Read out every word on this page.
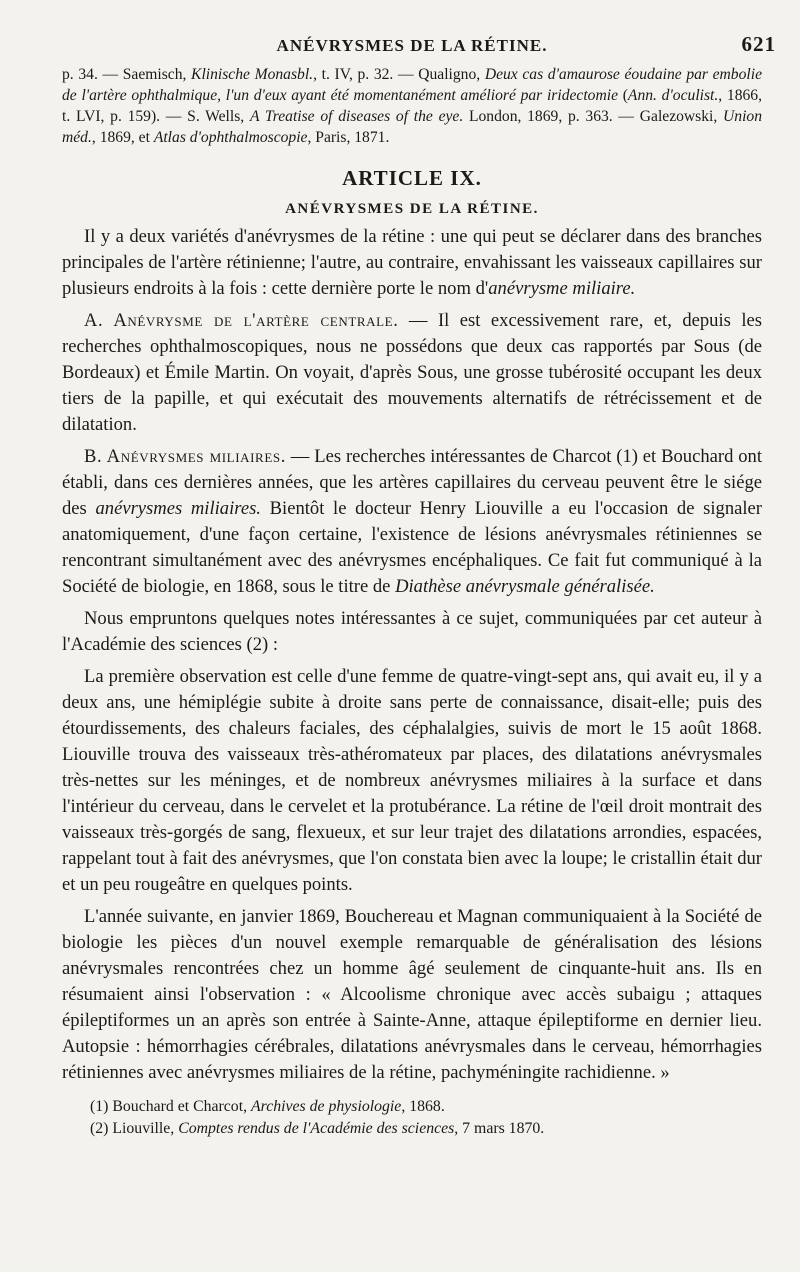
ANÉVRYSMES DE LA RÉTINE.	621
p. 34. — Saemisch, Klinische Monasbl., t. IV, p. 32. — Qualigno, Deux cas d'amaurose éoudaine par embolie de l'artère ophthalmique, l'un d'eux ayant été momentanément amélioré par iridectomie (Ann. d'oculist., 1866, t. LVI, p. 159). — S. Wells, A Treatise of diseases of the eye. London, 1869, p. 363. — Galezowski, Union méd., 1869, et Atlas d'ophthalmoscopie, Paris, 1871.
ARTICLE IX.
ANÉVRYSMES DE LA RÉTINE.

Il y a deux variétés d'anévrysmes de la rétine : une qui peut se déclarer dans des branches principales de l'artère rétinienne; l'autre, au contraire, envahissant les vaisseaux capillaires sur plusieurs endroits à la fois : cette dernière porte le nom d'anévrysme miliaire.

A. Anévrysme de l'artère centrale. — Il est excessivement rare, et, depuis les recherches ophthalmoscopiques, nous ne possédons que deux cas rapportés par Sous (de Bordeaux) et Émile Martin. On voyait, d'après Sous, une grosse tubérosité occupant les deux tiers de la papille, et qui exécutait des mouvements alternatifs de rétrécissement et de dilatation.

B. Anévrysmes miliaires. — Les recherches intéressantes de Charcot (1) et Bouchard ont établi, dans ces dernières années, que les artères capillaires du cerveau peuvent être le siége des anévrysmes miliaires. Bientôt le docteur Henry Liouville a eu l'occasion de signaler anatomiquement, d'une façon certaine, l'existence de lésions anévrysmales rétiniennes se rencontrant simultanément avec des anévrysmes encéphaliques. Ce fait fut communiqué à la Société de biologie, en 1868, sous le titre de Diathèse anévrysmale généralisée.

Nous empruntons quelques notes intéressantes à ce sujet, communiquées par cet auteur à l'Académie des sciences (2) :

La première observation est celle d'une femme de quatre-vingt-sept ans, qui avait eu, il y a deux ans, une hémiplégie subite à droite sans perte de connaissance, disait-elle; puis des étourdissements, des chaleurs faciales, des céphalalgies, suivis de mort le 15 août 1868. Liouville trouva des vaisseaux très-athéromateux par places, des dilatations anévrysmales très-nettes sur les méninges, et de nombreux anévrysmes miliaires à la surface et dans l'intérieur du cerveau, dans le cervelet et la protubérance. La rétine de l'œil droit montrait des vaisseaux très-gorgés de sang, flexueux, et sur leur trajet des dilatations arrondies, espacées, rappelant tout à fait des anévrysmes, que l'on constata bien avec la loupe; le cristallin était dur et un peu rougeâtre en quelques points.

L'année suivante, en janvier 1869, Bouchereau et Magnan communiquaient à la Société de biologie les pièces d'un nouvel exemple remarquable de généralisation des lésions anévrysmales rencontrées chez un homme âgé seulement de cinquante-huit ans. Ils en résumaient ainsi l'observation : « Alcoolisme chronique avec accès subaigu ; attaques épileptiformes un an après son entrée à Sainte-Anne, attaque épileptiforme en dernier lieu. Autopsie : hémorrhagies cérébrales, dilatations anévrysmales dans le cerveau, hémorrhagies rétiniennes avec anévrysmes miliaires de la rétine, pachyméningite rachidienne. »

(1) Bouchard et Charcot, Archives de physiologie, 1868.
(2) Liouville, Comptes rendus de l'Académie des sciences, 7 mars 1870.
